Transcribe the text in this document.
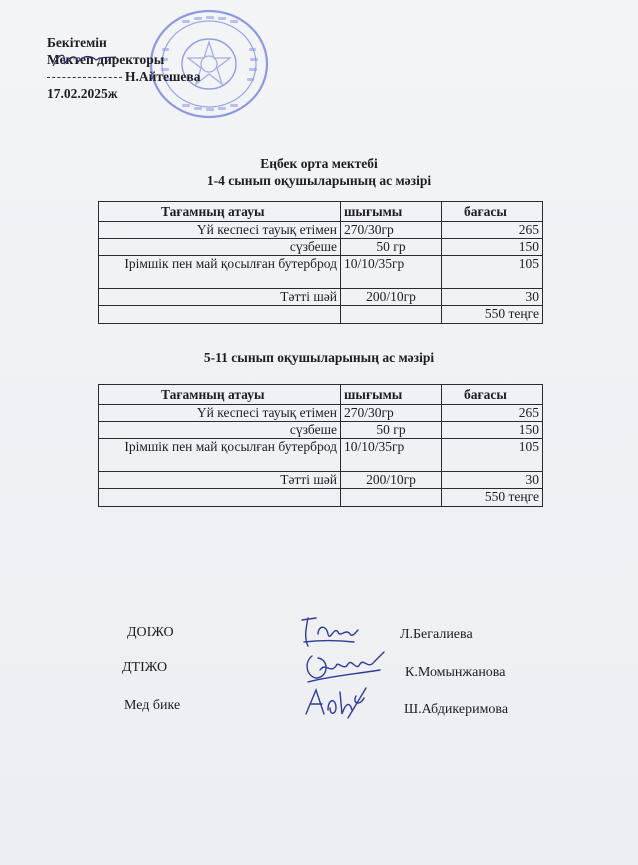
Бекітемін
Мектеп директоры
Н.Айтешева
17.02.2025ж
Еңбек орта мектебі
1-4 сынып оқушыларының ас мәзірі
Тағамның атауы	шығымы	бағасы
Үй кеспесі тауық етімен	270/30гр	265
сүзбеше	50 гр	150
Ірімшік пен май қосылған бутерброд	10/10/35гр	105
Тәтті шәй	200/10гр	30
		550 теңге
5-11 сынып оқушыларының ас мәзірі
Тағамның атауы	шығымы	бағасы
Үй кеспесі тауық етімен	270/30гр	265
сүзбеше	50 гр	150
Ірімшік пен май қосылған бутерброд	10/10/35гр	105
Тәтті шәй	200/10гр	30
		550 теңге
ДОІЖО	Л.Бегалиева
ДТІЖО	К.Момынжанова
Мед бике	Ш.Абдикеримова
